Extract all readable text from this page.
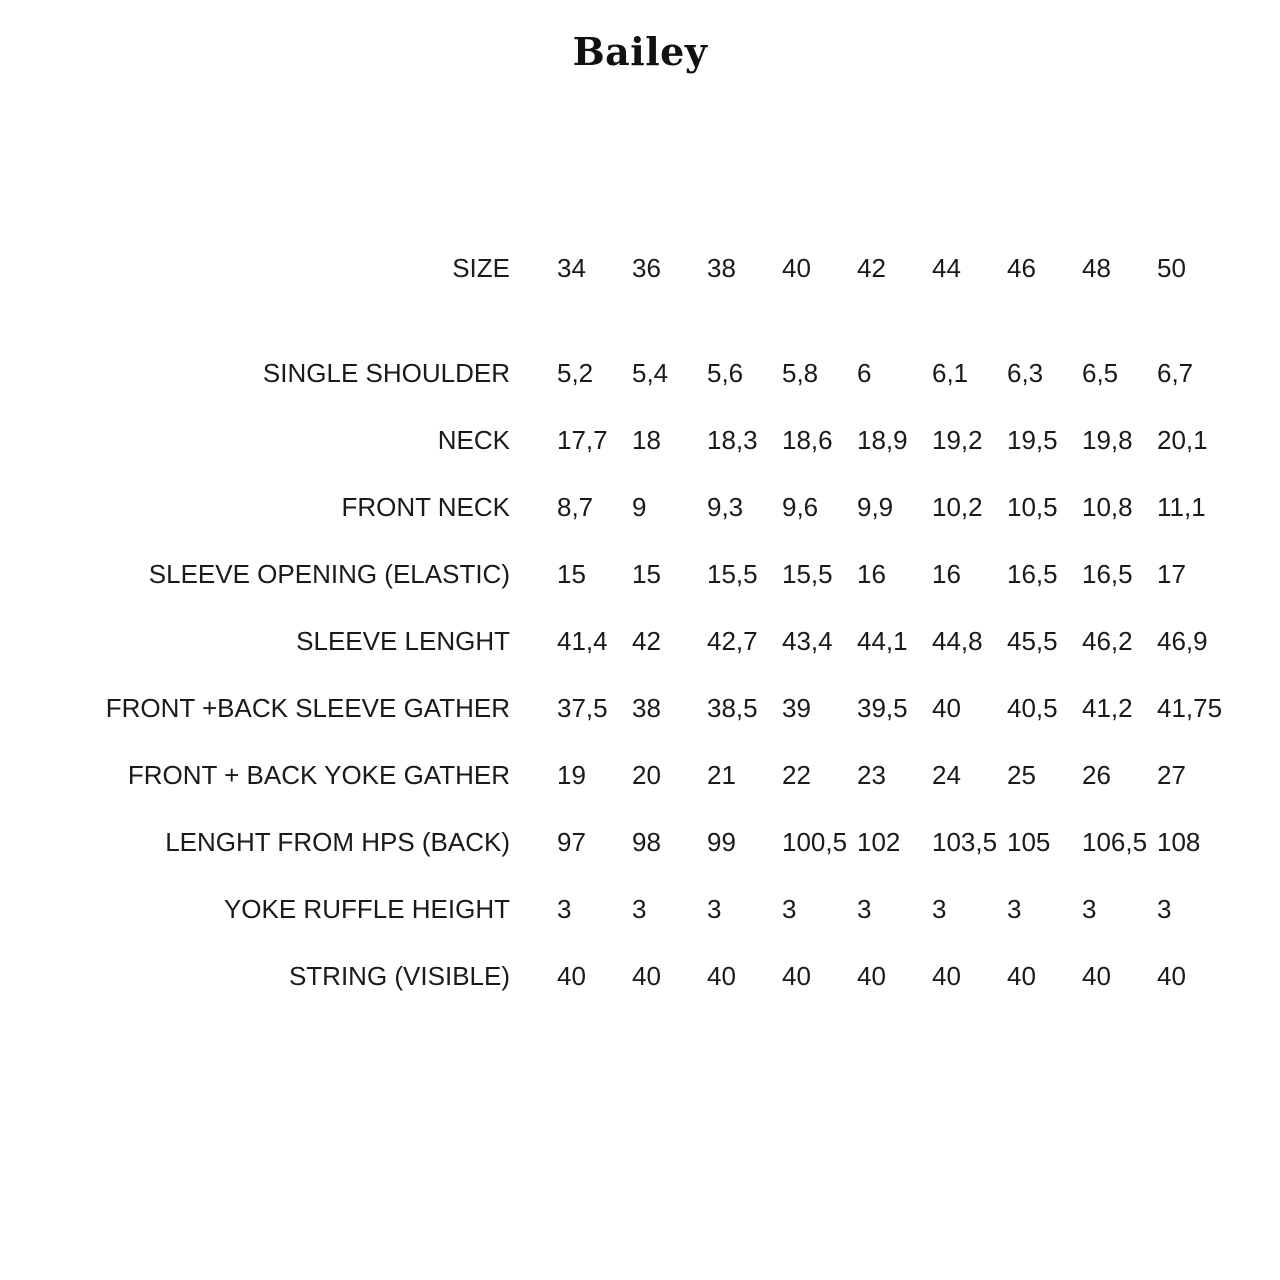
Bailey
SIZE 34 36 38 40 42 44 46 48 50
SINGLE SHOULDER 5,2 5,4 5,6 5,8 6 6,1 6,3 6,5 6,7
NECK 17,7 18 18,3 18,6 18,9 19,2 19,5 19,8 20,1
FRONT NECK 8,7 9 9,3 9,6 9,9 10,2 10,5 10,8 11,1
SLEEVE OPENING (ELASTIC) 15 15 15,5 15,5 16 16 16,5 16,5 17
SLEEVE LENGHT 41,4 42 42,7 43,4 44,1 44,8 45,5 46,2 46,9
FRONT +BACK SLEEVE GATHER 37,5 38 38,5 39 39,5 40 40,5 41,2 41,75
FRONT + BACK YOKE GATHER 19 20 21 22 23 24 25 26 27
LENGHT FROM HPS (BACK) 97 98 99 100,5 102 103,5 105 106,5 108
YOKE RUFFLE HEIGHT 3 3 3 3 3 3 3 3 3
STRING (VISIBLE) 40 40 40 40 40 40 40 40 40
